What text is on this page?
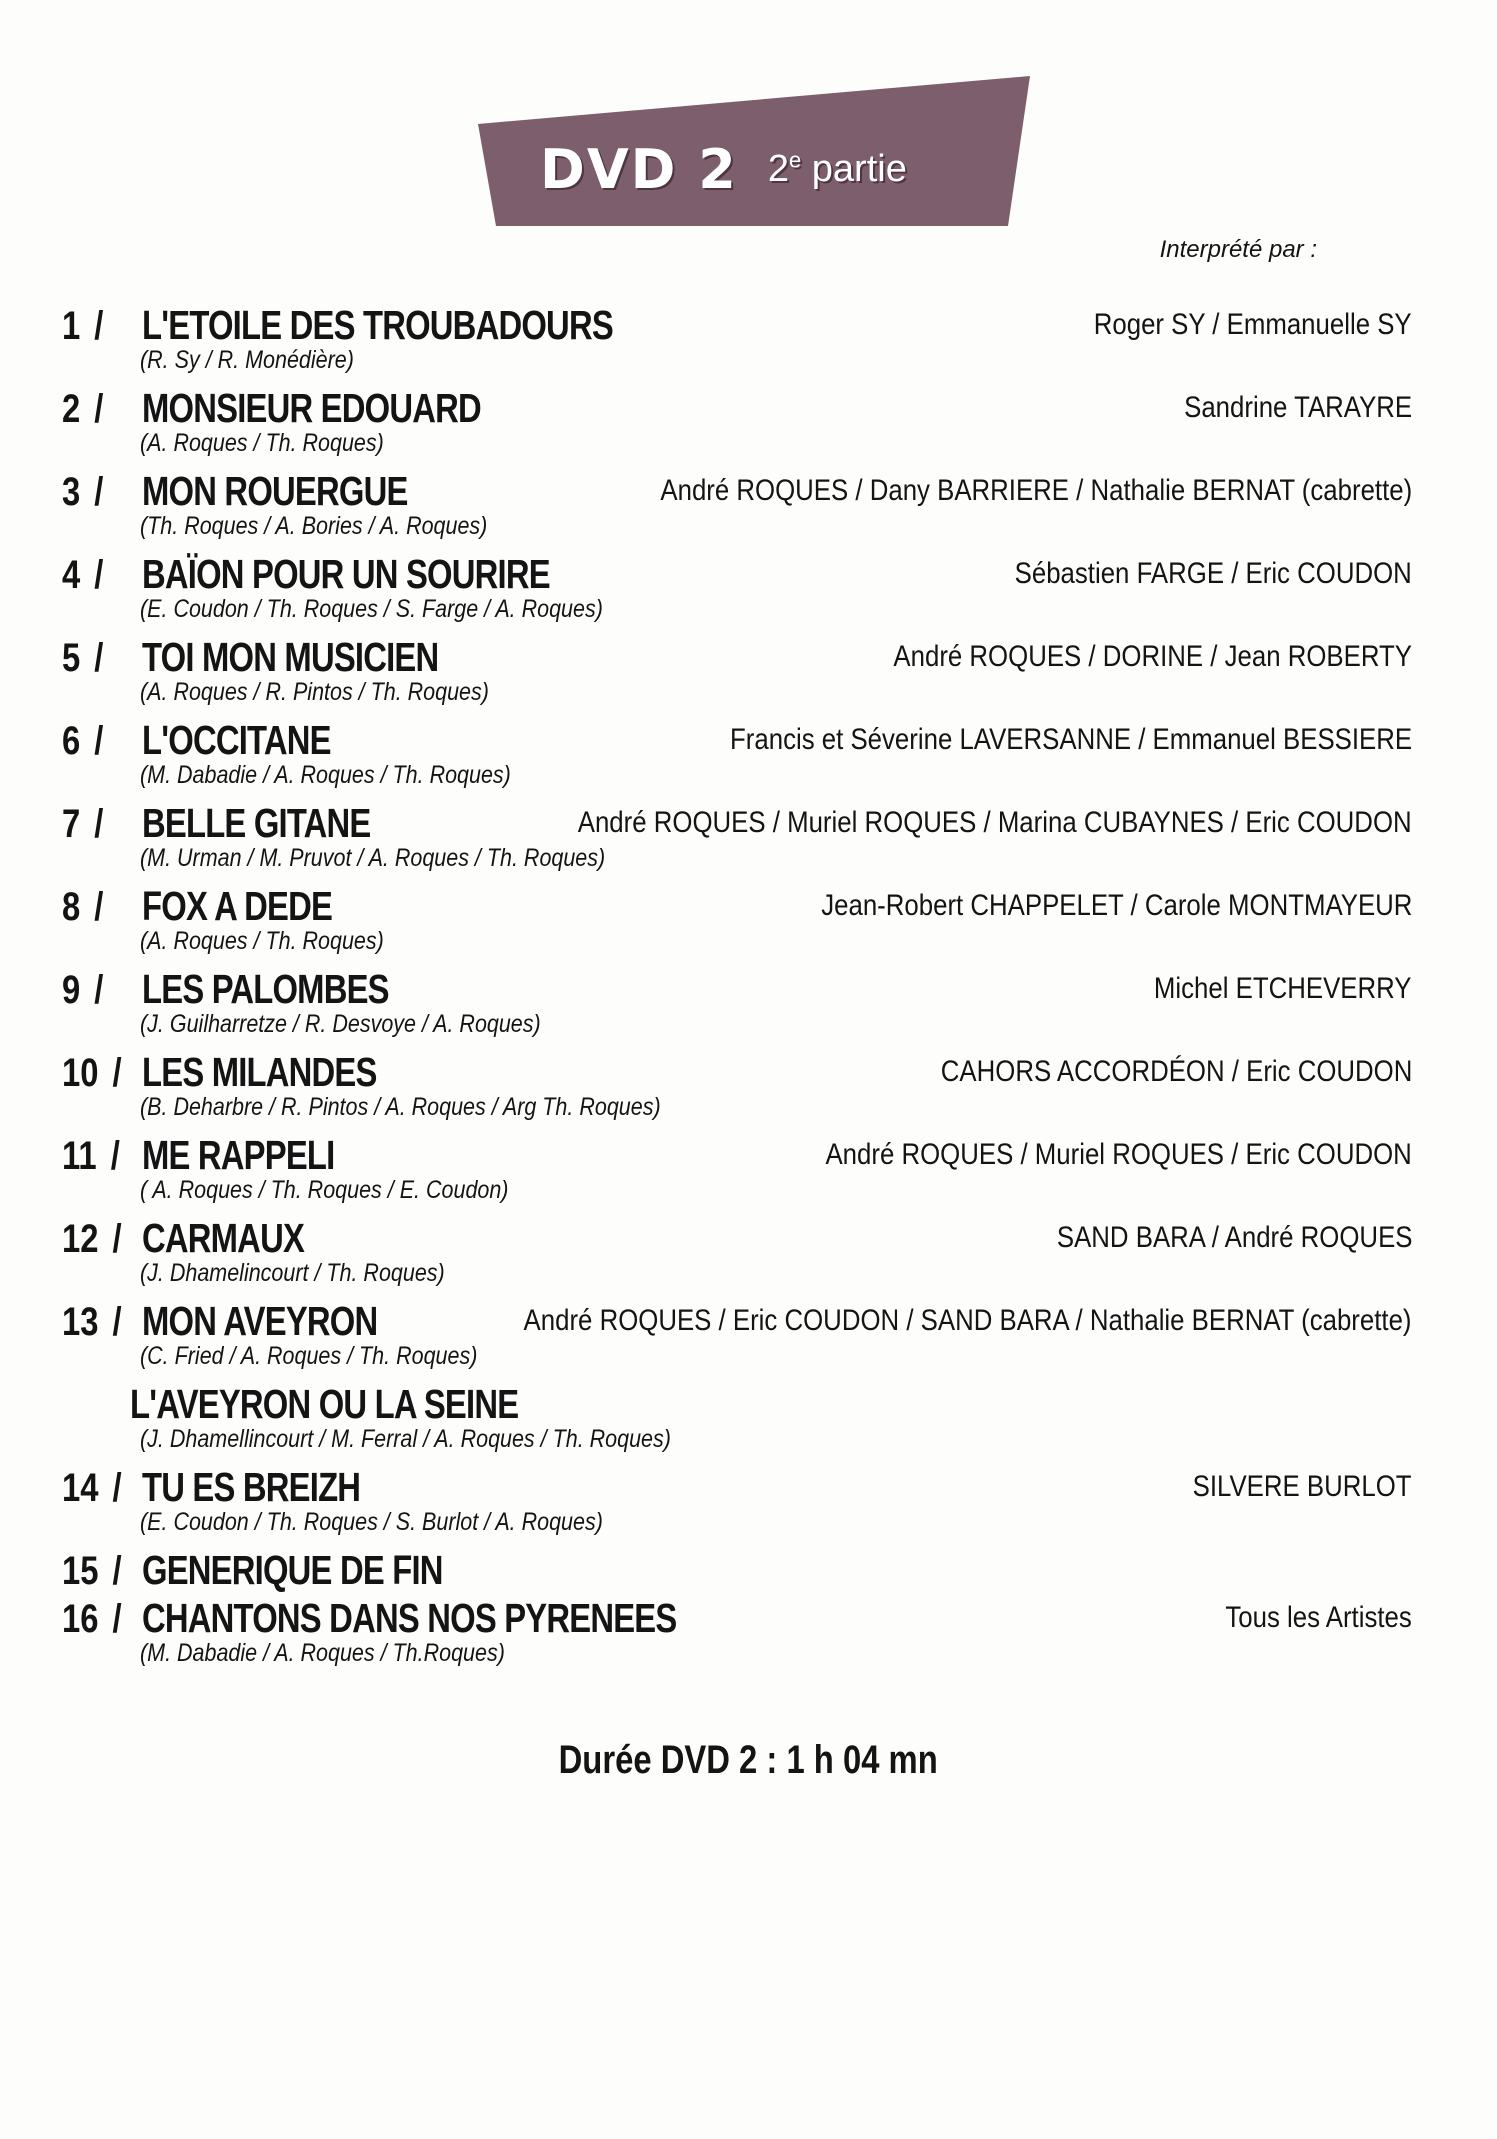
DVD 2 2e partie
Interprété par :
1 / L'ETOILE DES TROUBADOURS	Roger SY / Emmanuelle SY
(R. Sy / R. Monédière)
2 / MONSIEUR EDOUARD	Sandrine TARAYRE
(A. Roques / Th. Roques)
3 / MON ROUERGUE	André ROQUES / Dany BARRIERE / Nathalie BERNAT (cabrette)
(Th. Roques / A. Bories / A. Roques)
4 / BAÏON POUR UN SOURIRE	Sébastien FARGE / Eric COUDON
(E. Coudon / Th. Roques / S. Farge / A. Roques)
5 / TOI MON MUSICIEN	André ROQUES / DORINE / Jean ROBERTY
(A. Roques / R. Pintos / Th. Roques)
6 / L'OCCITANE	Francis et Séverine LAVERSANNE / Emmanuel BESSIERE
(M. Dabadie / A. Roques / Th. Roques)
7 / BELLE GITANE	André ROQUES / Muriel ROQUES / Marina CUBAYNES / Eric COUDON
(M. Urman / M. Pruvot / A. Roques / Th. Roques)
8 / FOX A DEDE	Jean-Robert CHAPPELET / Carole MONTMAYEUR
(A. Roques / Th. Roques)
9 / LES PALOMBES	Michel ETCHEVERRY
(J. Guilharretze / R. Desvoye / A. Roques)
10 / LES MILANDES	CAHORS ACCORDÉON / Eric COUDON
(B. Deharbre / R. Pintos / A. Roques / Arg Th. Roques)
11 / ME RAPPELI	André ROQUES / Muriel ROQUES / Eric COUDON
( A. Roques / Th. Roques / E. Coudon)
12 / CARMAUX	SAND BARA / André ROQUES
(J. Dhamelincourt / Th. Roques)
13 / MON AVEYRON	André ROQUES / Eric COUDON / SAND BARA / Nathalie BERNAT (cabrette)
(C. Fried / A. Roques / Th. Roques)
L'AVEYRON OU LA SEINE
(J. Dhamellincourt / M. Ferral / A. Roques / Th. Roques)
14 / TU ES BREIZH	SILVERE BURLOT
(E. Coudon / Th. Roques / S. Burlot / A. Roques)
15 / GENERIQUE DE FIN
16 / CHANTONS DANS NOS PYRENEES	Tous les Artistes
(M. Dabadie / A. Roques / Th.Roques)
Durée DVD 2 : 1 h 04 mn
